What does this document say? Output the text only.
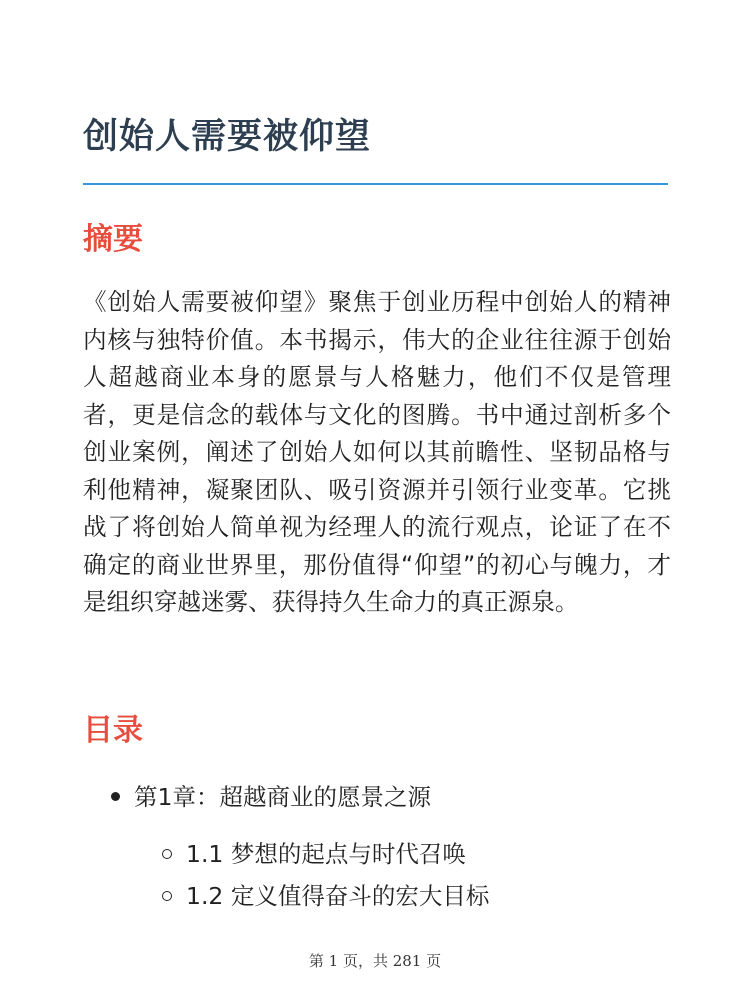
创始人需要被仰望
摘要

《创始人需要被仰望》聚焦于创业历程中创始人的精神内核与独特价值。本书揭示，伟大的企业往往源于创始人超越商业本身的愿景与人格魅力，他们不仅是管理者，更是信念的载体与文化的图腾。书中通过剖析多个创业案例，阐述了创始人如何以其前瞻性、坚韧品格与利他精神，凝聚团队、吸引资源并引领行业变革。它挑战了将创始人简单视为经理人的流行观点，论证了在不确定的商业世界里，那份值得“仰望”的初心与魄力，才是组织穿越迷雾、获得持久生命力的真正源泉。

目录
第1章：超越商业的愿景之源
1.1 梦想的起点与时代召唤
1.2 定义值得奋斗的宏大目标
第 1 页，共 281 页
